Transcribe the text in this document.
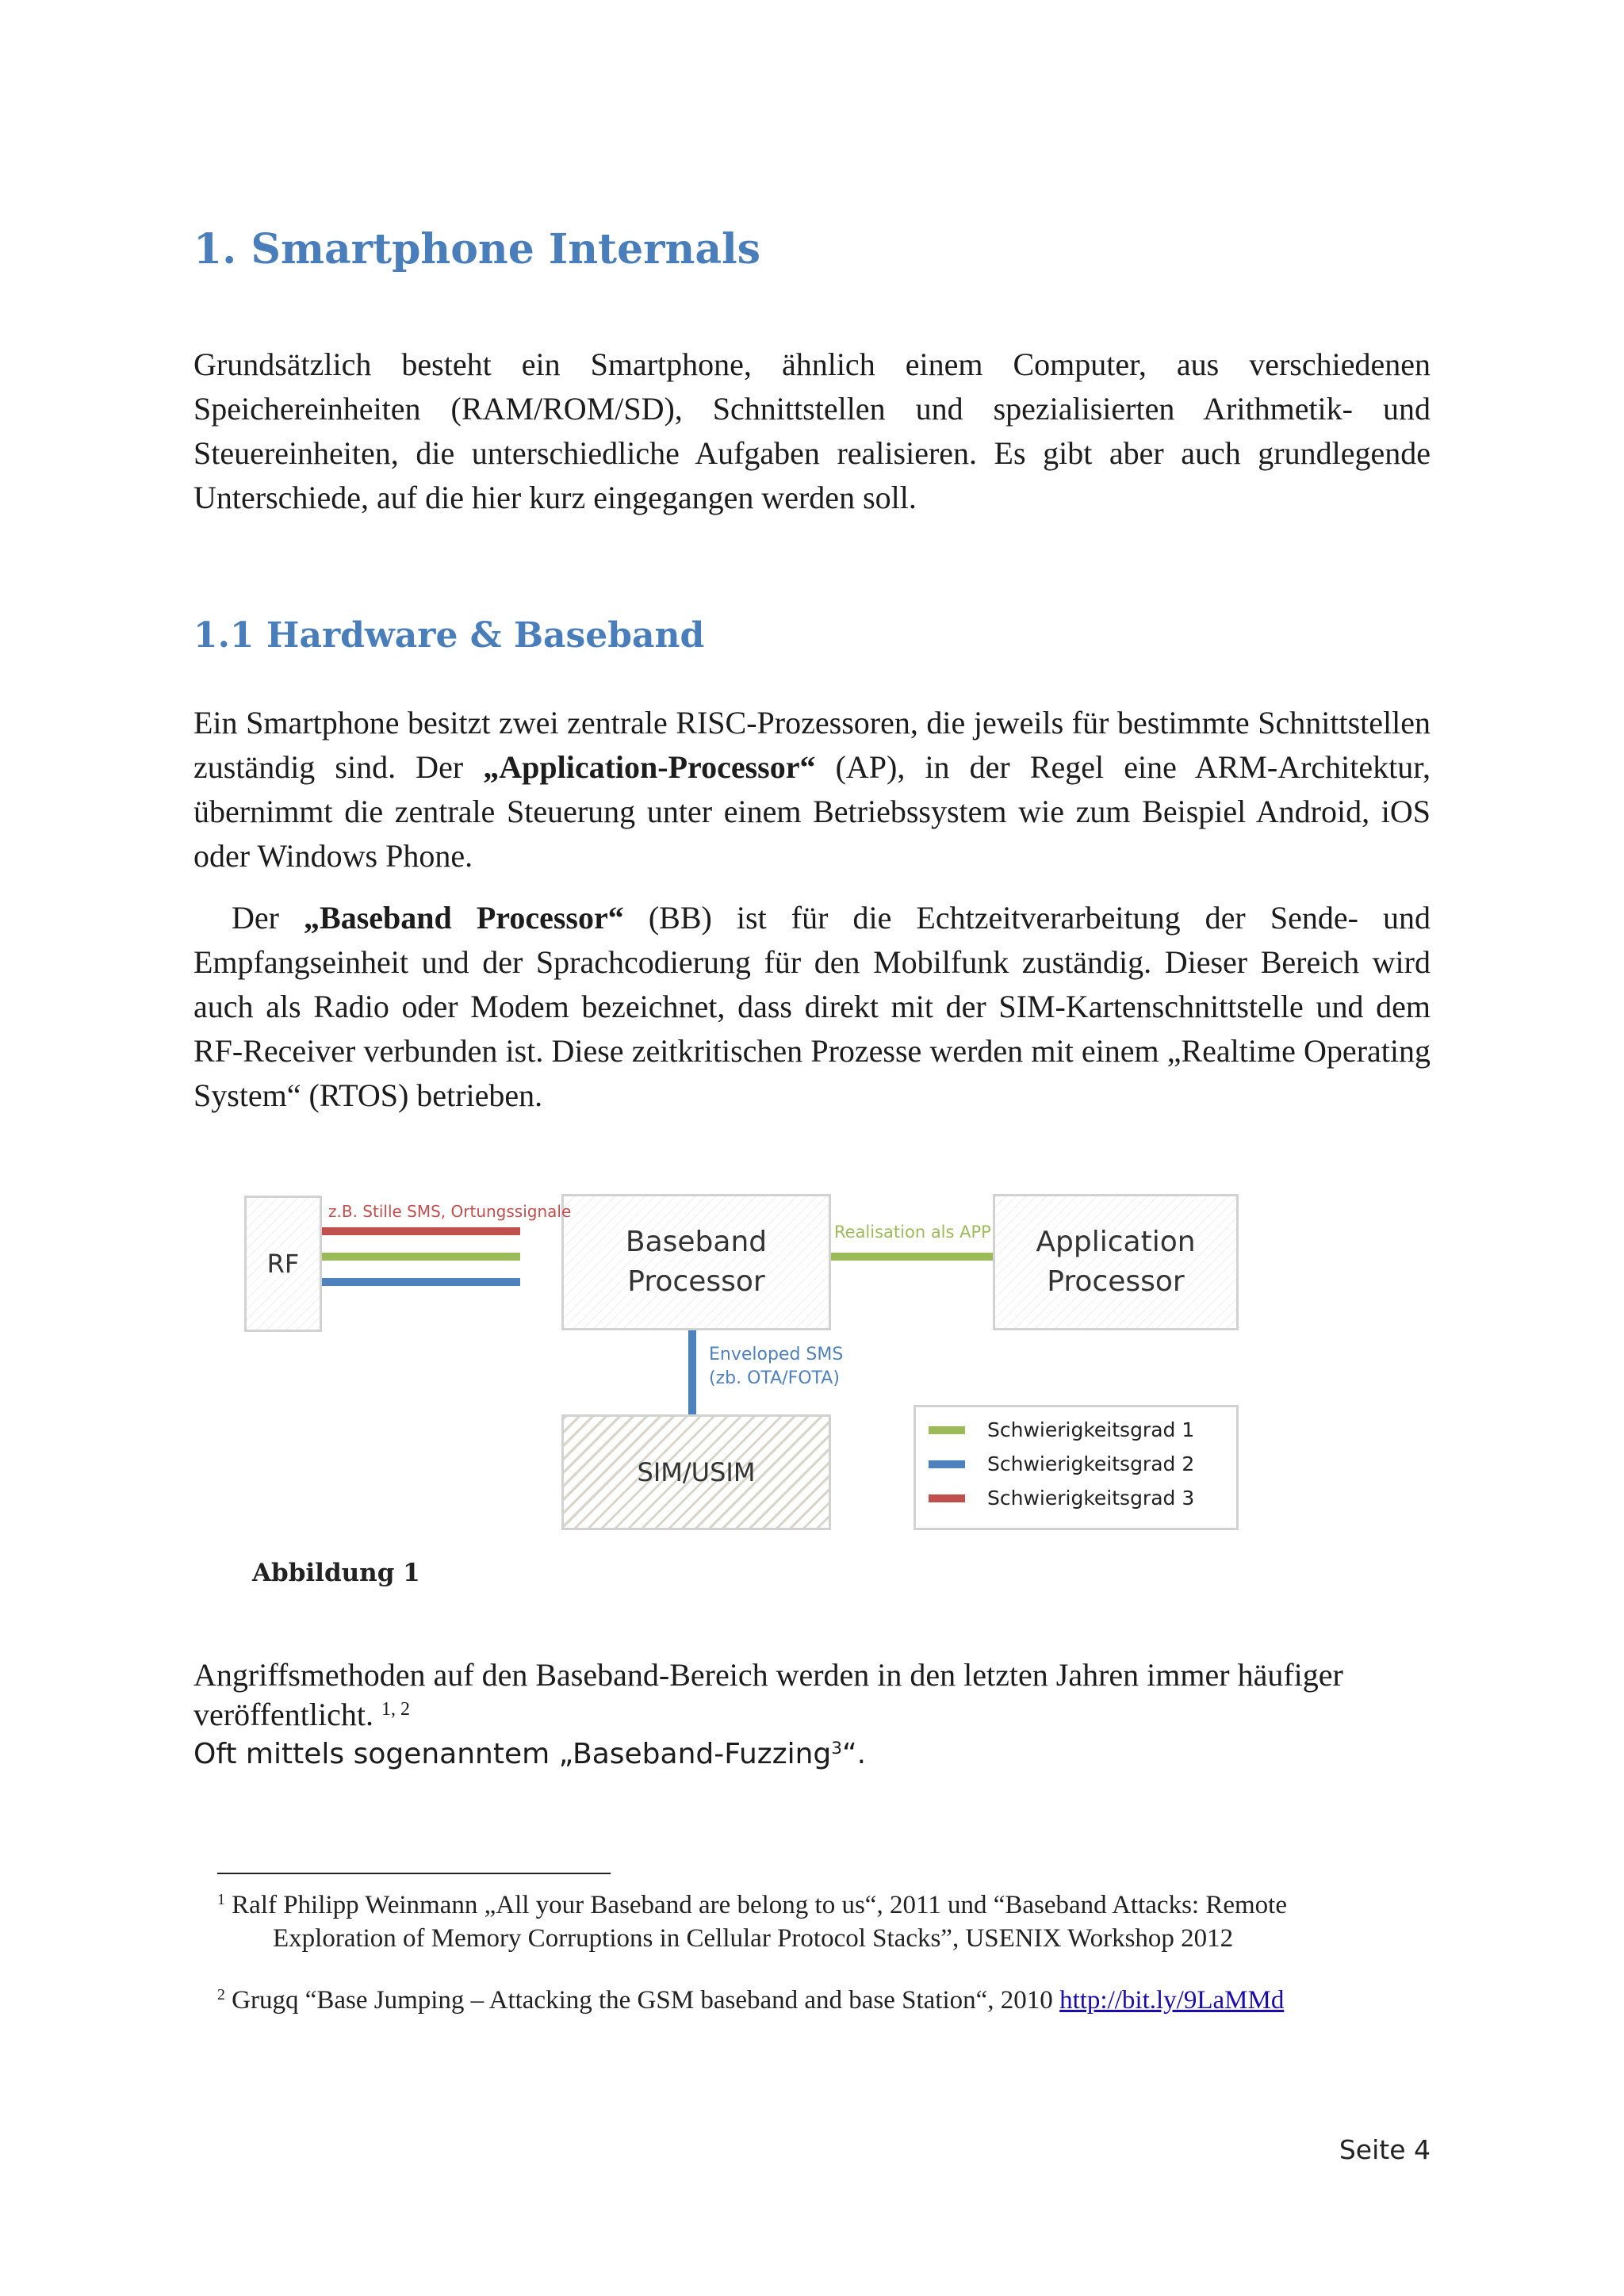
1. Smartphone Internals

Grundsätzlich besteht ein Smartphone, ähnlich einem Computer, aus verschiedenen Speichereinheiten (RAM/ROM/SD), Schnittstellen und spezialisierten Arithmetik- und Steuereinheiten, die unterschiedliche Aufgaben realisieren. Es gibt aber auch grundlegende Unterschiede, auf die hier kurz eingegangen werden soll.

1.1 Hardware & Baseband

Ein Smartphone besitzt zwei zentrale RISC-Prozessoren, die jeweils für bestimmte Schnittstellen zuständig sind. Der „Application-Processor“ (AP), in der Regel eine ARM-Architektur, übernimmt die zentrale Steuerung unter einem Betriebssystem wie zum Beispiel Android, iOS oder Windows Phone.

Der „Baseband Processor“ (BB) ist für die Echtzeitverarbeitung der Sende- und Empfangseinheit und der Sprachcodierung für den Mobilfunk zuständig. Dieser Bereich wird auch als Radio oder Modem bezeichnet, dass direkt mit der SIM-Kartenschnittstelle und dem RF-Receiver verbunden ist. Diese zeitkritischen Prozesse werden mit einem „Realtime Operating System“ (RTOS) betrieben.

RF
Baseband
Processor
Application
Processor
SIM/USIM
z.B. Stille SMS, Ortungssignale
Realisation als APP
Enveloped SMS
(zb. OTA/FOTA)
Schwierigkeitsgrad 1
Schwierigkeitsgrad 2
Schwierigkeitsgrad 3
Abbildung 1

Angriffsmethoden auf den Baseband-Bereich werden in den letzten Jahren immer häufiger veröffentlicht. $^{1, 2}$

Oft mittels sogenanntem „Baseband-Fuzzing$^3$“.

$^1$ Ralf Philipp Weinmann „All your Baseband are belong to us“, 2011 und “Baseband Attacks: Remote
Exploration of Memory Corruptions in Cellular Protocol Stacks”, USENIX Workshop 2012

$^2$ Grugq “Base Jumping – Attacking the GSM baseband and base Station“, 2010 http://bit.ly/9LaMMd

Seite 4
